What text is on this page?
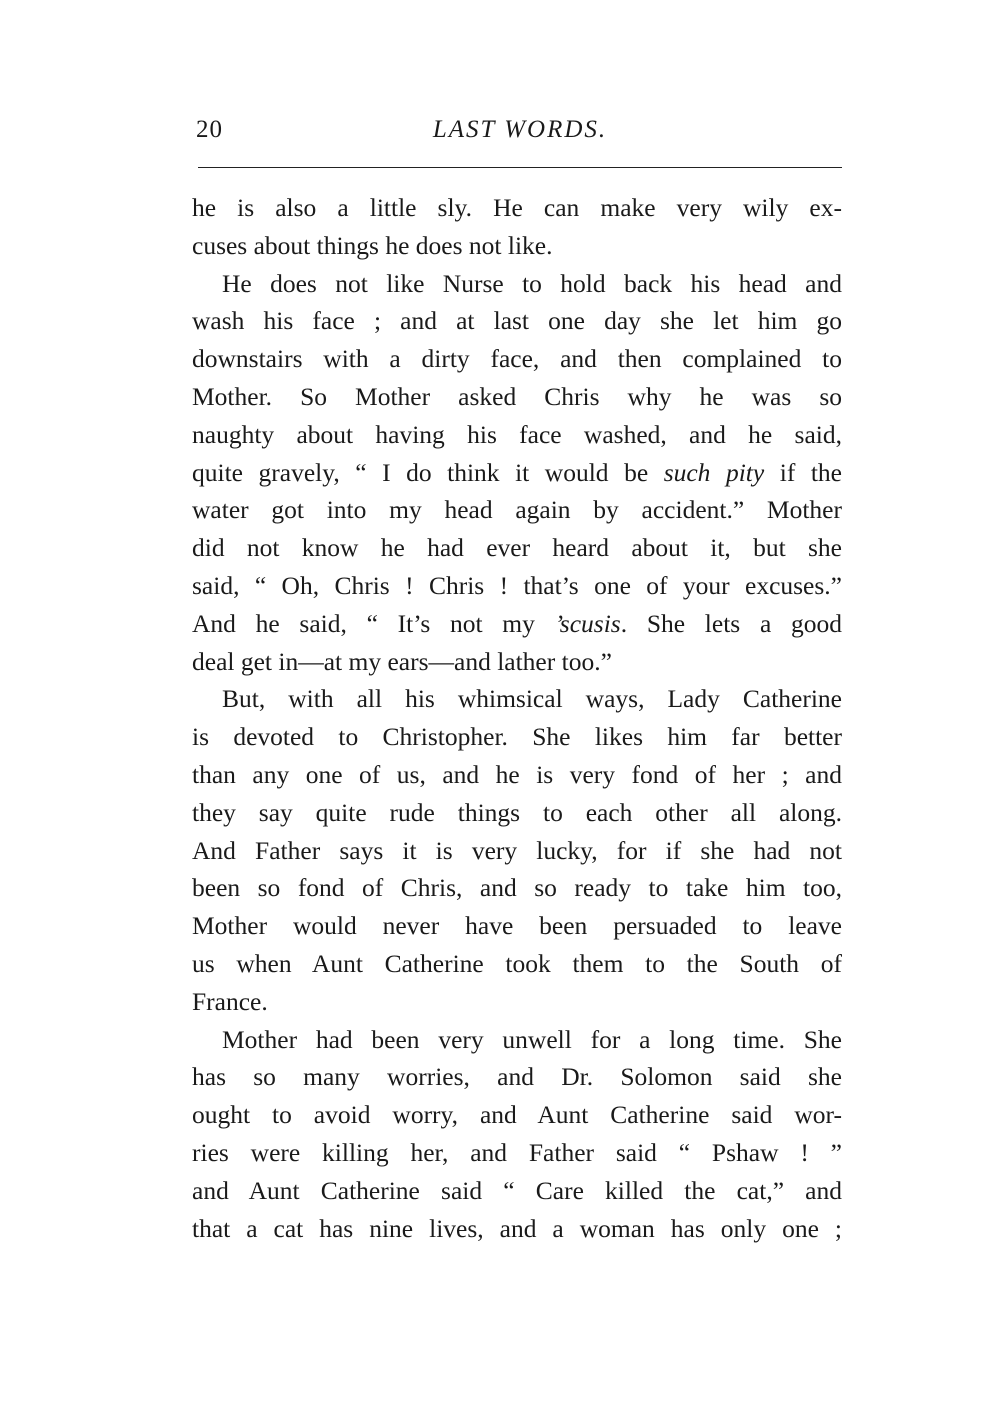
20	LAST WORDS.

he is also a little sly. He can make very wily ex-
cuses about things he does not like.

He does not like Nurse to hold back his head and
wash his face ; and at last one day she let him go
downstairs with a dirty face, and then complained to
Mother. So Mother asked Chris why he was so
naughty about having his face washed, and he said,
quite gravely, “ I do think it would be such pity if the
water got into my head again by accident.” Mother
did not know he had ever heard about it, but she
said, “ Oh, Chris ! Chris ! that’s one of your excuses.”
And he said, “ It’s not my ’scusis. She lets a good
deal get in—at my ears—and lather too.”

But, with all his whimsical ways, Lady Catherine
is devoted to Christopher. She likes him far better
than any one of us, and he is very fond of her ; and
they say quite rude things to each other all along.
And Father says it is very lucky, for if she had not
been so fond of Chris, and so ready to take him too,
Mother would never have been persuaded to leave
us when Aunt Catherine took them to the South of
France.

Mother had been very unwell for a long time. She
has so many worries, and Dr. Solomon said she
ought to avoid worry, and Aunt Catherine said wor-
ries were killing her, and Father said “ Pshaw ! ”
and Aunt Catherine said “ Care killed the cat,” and
that a cat has nine lives, and a woman has only one ;
